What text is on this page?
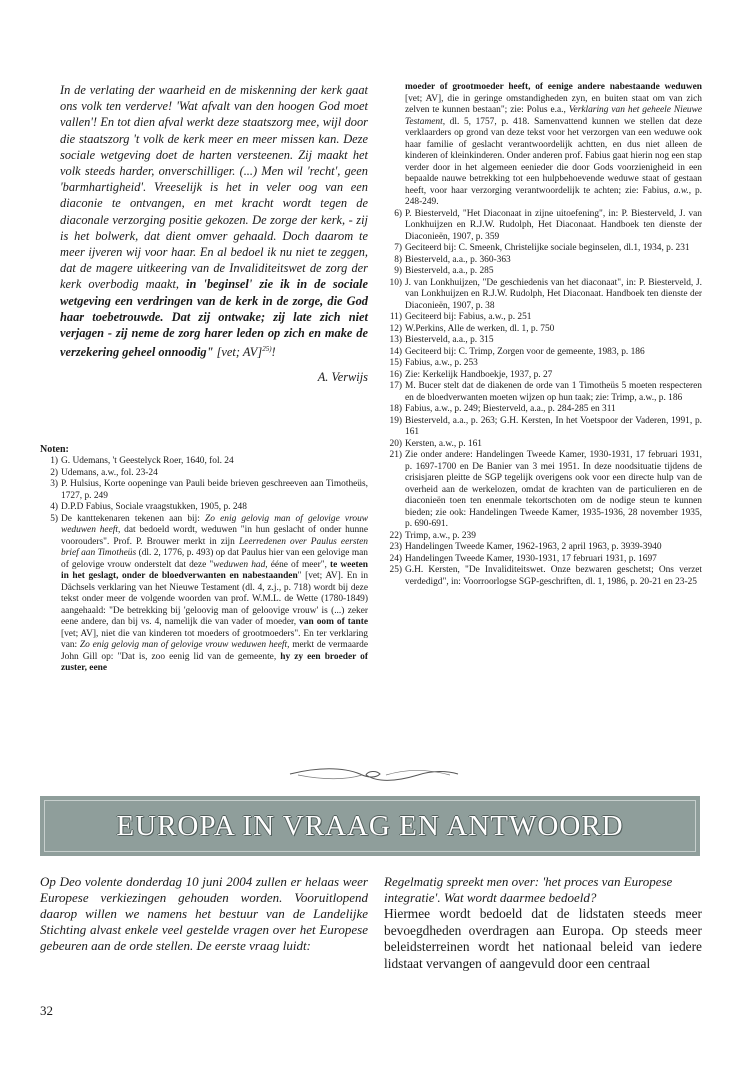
In de verlating der waarheid en de miskenning der kerk gaat ons volk ten verderve! 'Wat afvalt van den hoogen God moet vallen'! En tot dien afval werkt deze staatszorg mee, wijl door die staatszorg 't volk de kerk meer en meer missen kan. Deze sociale wetgeving doet de harten versteenen. Zij maakt het volk steeds harder, onverschilliger. (...) Men wil 'recht', geen 'barmhartigheid'. Vreeselijk is het in veler oog van een diaconie te ontvangen, en met kracht wordt tegen de diaconale verzorging positie gekozen. De zorge der kerk, - zij is het bolwerk, dat dient omver gehaald. Doch daarom te meer ijveren wij voor haar. En al bedoel ik nu niet te zeggen, dat de magere uitkeering van de Invaliditeitswet de zorg der kerk overbodig maakt, in 'beginsel' zie ik in de sociale wetgeving een verdringen van de kerk in de zorge, die God haar toebetrouwde. Dat zij ontwake; zij late zich niet verjagen - zij neme de zorg harer leden op zich en make de verzekering geheel onnoodig" [vet; AV]$^{25)}$!

A. Verwijs

Noten:

1) G. Udemans, 't Geestelyck Roer, 1640, fol. 24
2) Udemans, a.w., fol. 23-24
3) P. Hulsius, Korte oopeninge van Pauli beide brieven geschreeven aan Timotheüs, 1727, p. 249
4) D.P.D Fabius, Sociale vraagstukken, 1905, p. 248
5) De kanttekenaren tekenen aan bij: Zo enig gelovig man of gelovige vrouw weduwen heeft, dat bedoeld wordt, weduwen "in hun geslacht of onder hunne voorouders". Prof. P. Brouwer merkt in zijn Leerredenen over Paulus eersten brief aan Timotheüs (dl. 2, 1776, p. 493) op dat Paulus hier van een gelovige man of gelovige vrouw onderstelt dat deze "weduwen had, ééne of meer", te weeten in het geslagt, onder de bloedverwanten en nabestaanden" [vet; AV]. En in Dächsels verklaring van het Nieuwe Testament (dl. 4, z.j., p. 718) wordt bij deze tekst onder meer de volgende woorden van prof. W.M.L. de Wette (1780-1849) aangehaald: "De betrekking bij 'geloovig man of geloovige vrouw' is (...) zeker eene andere, dan bij vs. 4, namelijk die van vader of moeder, van oom of tante [vet; AV], niet die van kinderen tot moeders of grootmoeders". En ter verklaring van: Zo enig gelovig man of gelovige vrouw weduwen heeft, merkt de vermaarde John Gill op: "Dat is, zoo eenig lid van de gemeente, hy zy een broeder of zuster, eene
moeder of grootmoeder heeft, of eenige andere nabestaande weduwen [vet; AV], die in geringe omstandigheden zyn, en buiten staat om van zich zelven te kunnen bestaan"; zie: Polus e.a., Verklaring van het geheele Nieuwe Testament, dl. 5, 1757, p. 418. Samenvattend kunnen we stellen dat deze verklaarders op grond van deze tekst voor het verzorgen van een weduwe ook haar familie of geslacht verantwoordelijk achtten, en dus niet alleen de kinderen of kleinkinderen. Onder anderen prof. Fabius gaat hierin nog een stap verder door in het algemeen eenieder die door Gods voorzienigheid in een bepaalde nauwe betrekking tot een hulpbehoevende weduwe staat of gestaan heeft, voor haar verzorging verantwoordelijk te achten; zie: Fabius, a.w., p. 248-249.
6) P. Biesterveld, "Het Diaconaat in zijne uitoefening", in: P. Biesterveld, J. van Lonkhuijzen en R.J.W. Rudolph, Het Diaconaat. Handboek ten dienste der Diaconieën, 1907, p. 359
7) Geciteerd bij: C. Smeenk, Christelijke sociale beginselen, dl.1, 1934, p. 231
8) Biesterveld, a.a., p. 360-363
9) Biesterveld, a.a., p. 285
10) J. van Lonkhuijzen, "De geschiedenis van het diaconaat", in: P. Biesterveld, J. van Lonkhuijzen en R.J.W. Rudolph, Het Diaconaat. Handboek ten dienste der Diaconieën, 1907, p. 38
11) Geciteerd bij: Fabius, a.w., p. 251
12) W.Perkins, Alle de werken, dl. 1, p. 750
13) Biesterveld, a.a., p. 315
14) Geciteerd bij: C. Trimp, Zorgen voor de gemeente, 1983, p. 186
15) Fabius, a.w., p. 253
16) Zie: Kerkelijk Handboekje, 1937, p. 27
17) M. Bucer stelt dat de diakenen de orde van 1 Timotheüs 5 moeten respecteren en de bloedverwanten moeten wijzen op hun taak; zie: Trimp, a.w., p. 186
18) Fabius, a.w., p. 249; Biesterveld, a.a., p. 284-285 en 311
19) Biesterveld, a.a., p. 263; G.H. Kersten, In het Voetspoor der Vaderen, 1991, p. 161
20) Kersten, a.w., p. 161
21) Zie onder andere: Handelingen Tweede Kamer, 1930-1931, 17 februari 1931, p. 1697-1700 en De Banier van 3 mei 1951. In deze noodsituatie tijdens de crisisjaren pleitte de SGP tegelijk overigens ook voor een directe hulp van de overheid aan de werkelozen, omdat de krachten van de particulieren en de diaconieën toen ten enenmale tekortschoten om de nodige steun te kunnen bieden; zie ook: Handelingen Tweede Kamer, 1935-1936, 28 november 1935, p. 690-691.
22) Trimp, a.w., p. 239
23) Handelingen Tweede Kamer, 1962-1963, 2 april 1963, p. 3939-3940
24) Handelingen Tweede Kamer, 1930-1931, 17 februari 1931, p. 1697
25) G.H. Kersten, "De Invaliditeitswet. Onze bezwaren geschetst; Ons verzet verdedigd", in: Voorroorlogse SGP-geschriften, dl. 1, 1986, p. 20-21 en 23-25
EUROPA IN VRAAG EN ANTWOORD

Op Deo volente donderdag 10 juni 2004 zullen er helaas weer Europese verkiezingen gehouden worden. Vooruitlopend daarop willen we namens het bestuur van de Landelijke Stichting alvast enkele veel gestelde vragen over het Europese gebeuren aan de orde stellen. De eerste vraag luidt:

Regelmatig spreekt men over: 'het proces van Europese integratie'. Wat wordt daarmee bedoeld?

Hiermee wordt bedoeld dat de lidstaten steeds meer bevoegdheden overdragen aan Europa. Op steeds meer beleidsterreinen wordt het nationaal beleid van iedere lidstaat vervangen of aangevuld door een centraal

32
